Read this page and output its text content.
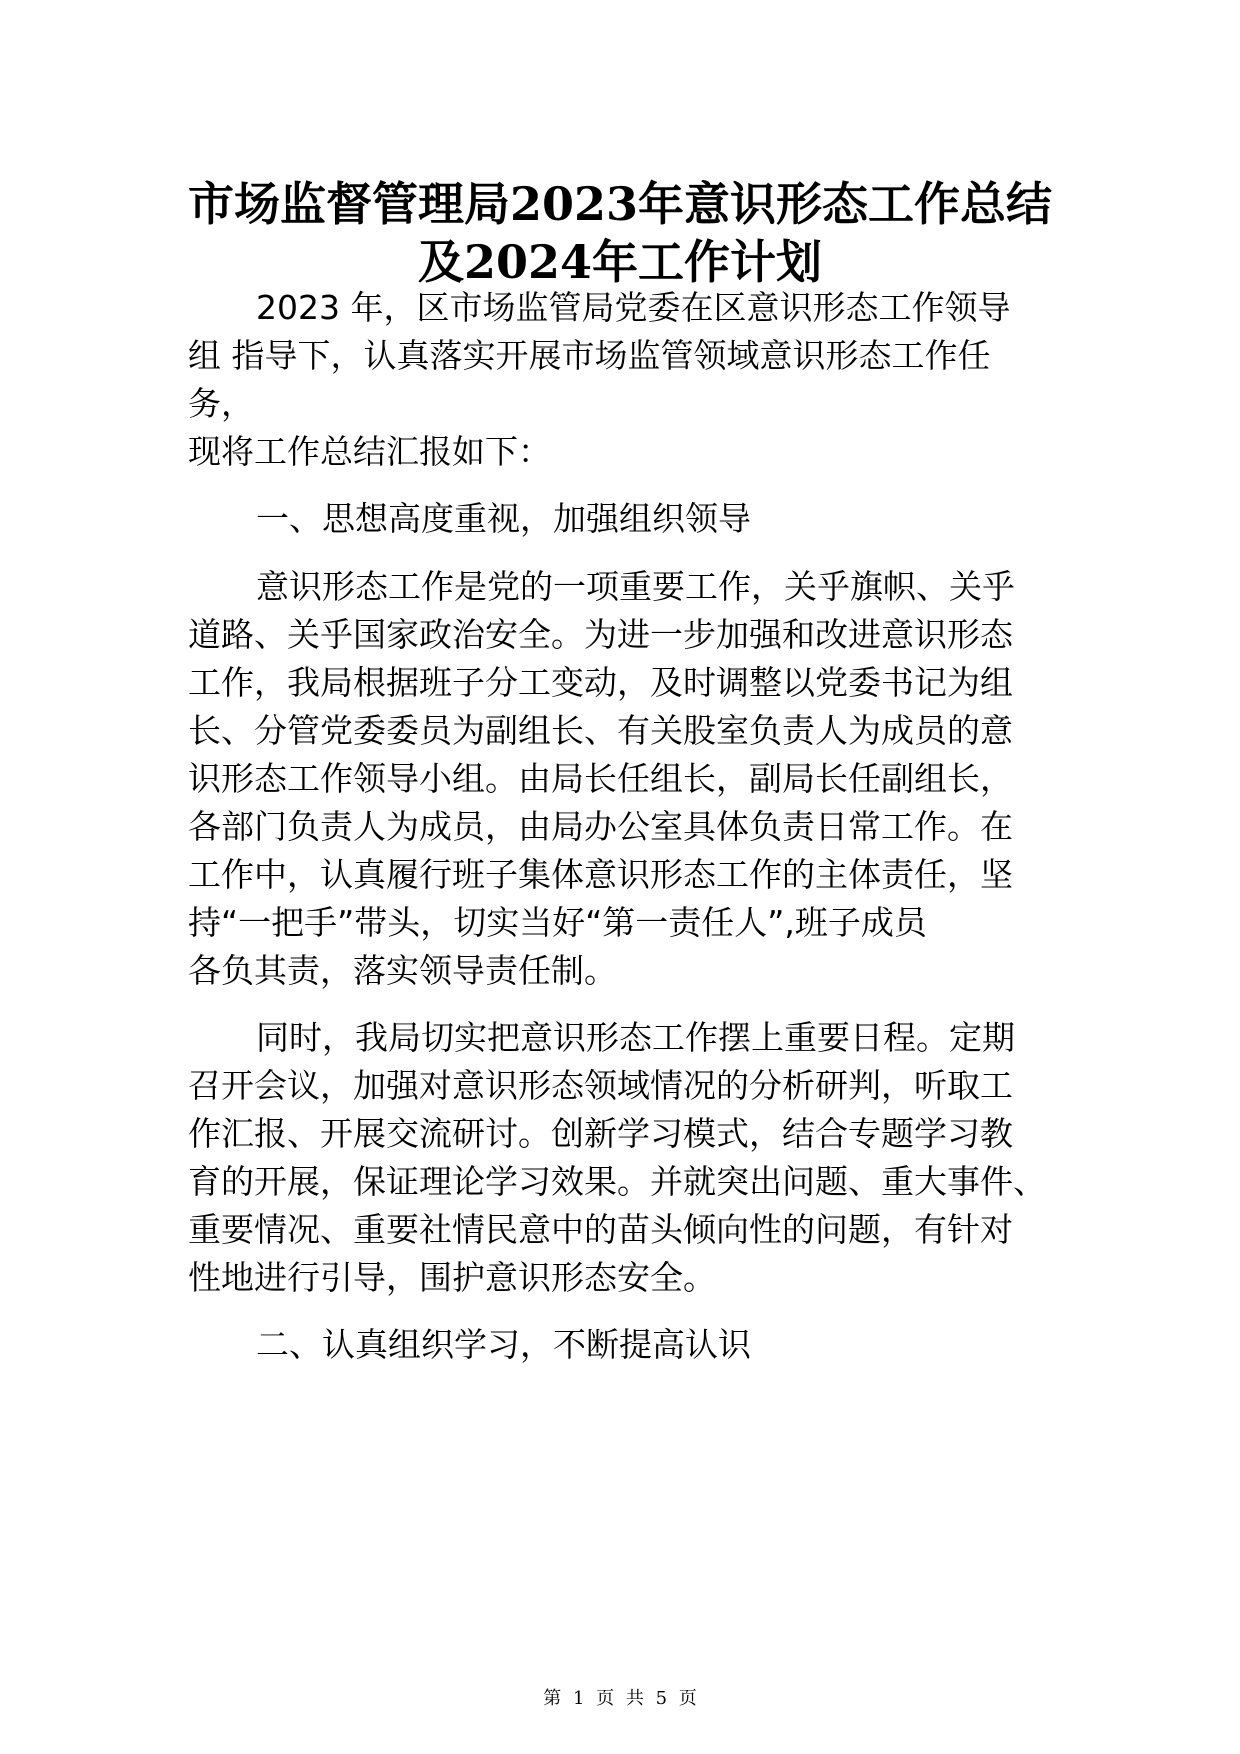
市场监督管理局2023年意识形态工作总结
及2024年工作计划
2023 年，区市场监管局党委在区意识形态工作领导
组 指导下，认真落实开展市场监管领域意识形态工作任
务，
现将工作总结汇报如下：
一、思想高度重视，加强组织领导
意识形态工作是党的一项重要工作，关乎旗帜、关乎
道路、关乎国家政治安全。为进一步加强和改进意识形态
工作，我局根据班子分工变动，及时调整以党委书记为组
长、分管党委委员为副组长、有关股室负责人为成员的意
识形态工作领导小组。由局长任组长，副局长任副组长，
各部门负责人为成员，由局办公室具体负责日常工作。在
工作中，认真履行班子集体意识形态工作的主体责任，坚
持“一把手”带头，切实当好“第一责任人”,班子成员
各负其责，落实领导责任制。
同时，我局切实把意识形态工作摆上重要日程。定期
召开会议，加强对意识形态领域情况的分析研判，听取工
作汇报、开展交流研讨。创新学习模式，结合专题学习教
育的开展，保证理论学习效果。并就突出问题、重大事件、
重要情况、重要社情民意中的苗头倾向性的问题，有针对
性地进行引导，围护意识形态安全。
二、认真组织学习，不断提高认识
第 1 页 共 5 页
